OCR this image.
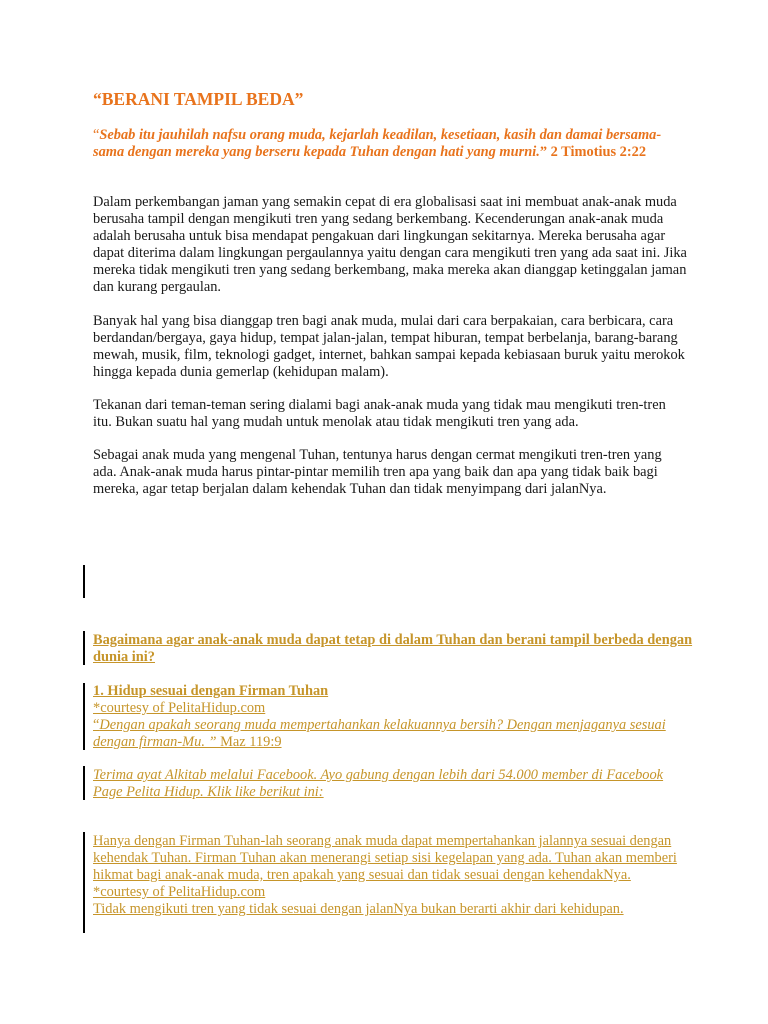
“BERANI TAMPIL BEDA”

“Sebab itu jauhilah nafsu orang muda, kejarlah keadilan, kesetiaan, kasih dan damai bersama-sama dengan mereka yang berseru kepada Tuhan dengan hati yang murni.” 2 Timotius 2:22

Dalam perkembangan jaman yang semakin cepat di era globalisasi saat ini membuat anak-anak muda berusaha tampil dengan mengikuti tren yang sedang berkembang. Kecenderungan anak-anak muda adalah berusaha untuk bisa mendapat pengakuan dari lingkungan sekitarnya. Mereka berusaha agar dapat diterima dalam lingkungan pergaulannya yaitu dengan cara mengikuti tren yang ada saat ini. Jika mereka tidak mengikuti tren yang sedang berkembang, maka mereka akan dianggap ketinggalan jaman dan kurang pergaulan.

Banyak hal yang bisa dianggap tren bagi anak muda, mulai dari cara berpakaian, cara berbicara, cara berdandan/bergaya, gaya hidup, tempat jalan-jalan, tempat hiburan, tempat berbelanja, barang-barang mewah, musik, film, teknologi gadget, internet, bahkan sampai kepada kebiasaan buruk yaitu merokok hingga kepada dunia gemerlap (kehidupan malam).

Tekanan dari teman-teman sering dialami bagi anak-anak muda yang tidak mau mengikuti tren-tren itu. Bukan suatu hal yang mudah untuk menolak atau tidak mengikuti tren yang ada.

Sebagai anak muda yang mengenal Tuhan, tentunya harus dengan cermat mengikuti tren-tren yang ada. Anak-anak muda harus pintar-pintar memilih tren apa yang baik dan apa yang tidak baik bagi mereka, agar tetap berjalan dalam kehendak Tuhan dan tidak menyimpang dari jalanNya.

Bagaimana agar anak-anak muda dapat tetap di dalam Tuhan dan berani tampil berbeda dengan dunia ini?

1. Hidup sesuai dengan Firman Tuhan
*courtesy of PelitaHidup.com
“Dengan apakah seorang muda mempertahankan kelakuannya bersih? Dengan menjaganya sesuai dengan firman-Mu. ” Maz 119:9

Terima ayat Alkitab melalui Facebook. Ayo gabung dengan lebih dari 54.000 member di Facebook Page Pelita Hidup. Klik like berikut ini:

Hanya dengan Firman Tuhan-lah seorang anak muda dapat mempertahankan jalannya sesuai dengan kehendak Tuhan. Firman Tuhan akan menerangi setiap sisi kegelapan yang ada. Tuhan akan memberi hikmat bagi anak-anak muda, tren apakah yang sesuai dan tidak sesuai dengan kehendakNya.
*courtesy of PelitaHidup.com
Tidak mengikuti tren yang tidak sesuai dengan jalanNya bukan berarti akhir dari kehidupan.
